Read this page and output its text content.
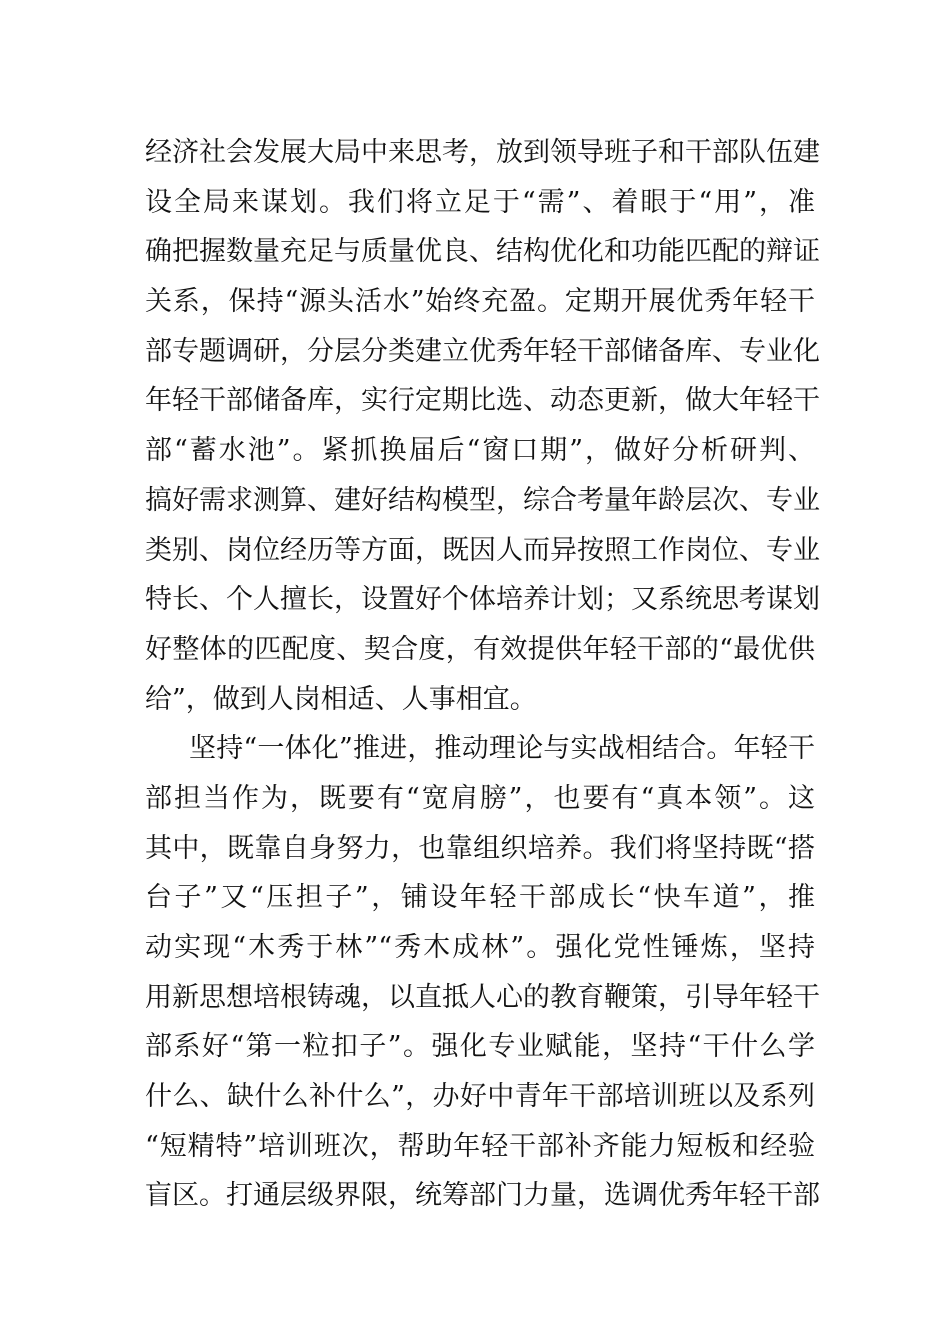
经济社会发展大局中来思考，放到领导班子和干部队伍建
设全局来谋划。我们将立足于“需”、着眼于“用”，准
确把握数量充足与质量优良、结构优化和功能匹配的辩证
关系，保持“源头活水”始终充盈。定期开展优秀年轻干
部专题调研，分层分类建立优秀年轻干部储备库、专业化
年轻干部储备库，实行定期比选、动态更新，做大年轻干
部“蓄水池”。紧抓换届后“窗口期”，做好分析研判、
搞好需求测算、建好结构模型，综合考量年龄层次、专业
类别、岗位经历等方面，既因人而异按照工作岗位、专业
特长、个人擅长，设置好个体培养计划；又系统思考谋划
好整体的匹配度、契合度，有效提供年轻干部的“最优供
给”，做到人岗相适、人事相宜。
坚持“一体化”推进，推动理论与实战相结合。年轻干
部担当作为，既要有“宽肩膀”，也要有“真本领”。这
其中，既靠自身努力，也靠组织培养。我们将坚持既“搭
台子”又“压担子”，铺设年轻干部成长“快车道”，推
动实现“木秀于林”“秀木成林”。强化党性锤炼，坚持
用新思想培根铸魂，以直抵人心的教育鞭策，引导年轻干
部系好“第一粒扣子”。强化专业赋能，坚持“干什么学
什么、缺什么补什么”，办好中青年干部培训班以及系列
“短精特”培训班次，帮助年轻干部补齐能力短板和经验
盲区。打通层级界限，统筹部门力量，选调优秀年轻干部
